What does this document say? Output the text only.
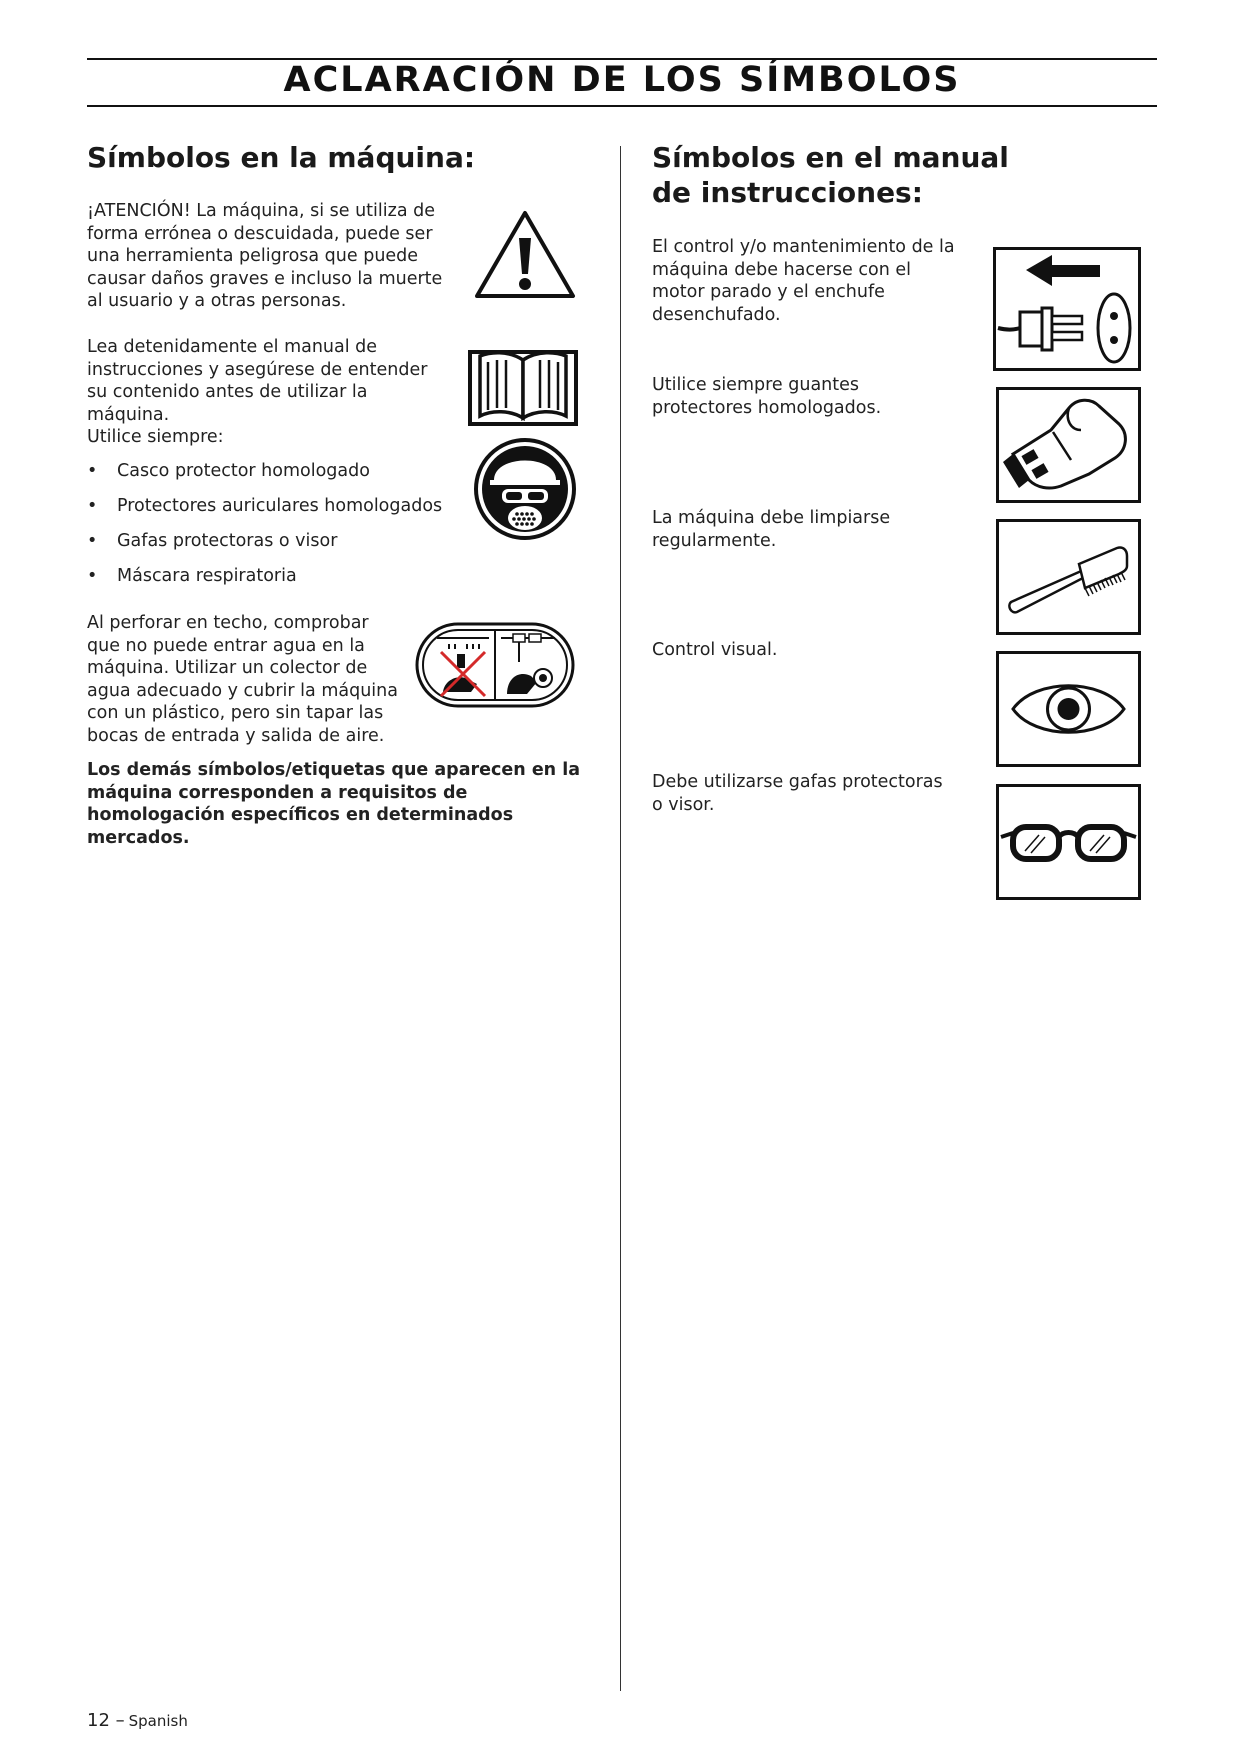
ACLARACIÓN DE LOS SÍMBOLOS
Símbolos en la máquina:

¡ATENCIÓN! La máquina, si se utiliza de forma errónea o descuidada, puede ser una herramienta peligrosa que puede causar daños graves e incluso la muerte al usuario y a otras personas.

Lea detenidamente el manual de instrucciones y asegúrese de entender su contenido antes de utilizar la máquina.

Utilice siempre:

• Casco protector homologado
• Protectores auriculares homologados
• Gafas protectoras o visor
• Máscara respiratoria

Al perforar en techo, comprobar que no puede entrar agua en la máquina. Utilizar un colector de agua adecuado y cubrir la máquina con un plástico, pero sin tapar las bocas de entrada y salida de aire.

Los demás símbolos/etiquetas que aparecen en la máquina corresponden a requisitos de homologación específicos en determinados mercados.

Símbolos en el manual de instrucciones:

El control y/o mantenimiento de la máquina debe hacerse con el motor parado y el enchufe desenchufado.

Utilice siempre guantes protectores homologados.

La máquina debe limpiarse regularmente.

Control visual.

Debe utilizarse gafas protectoras o visor.

12 – Spanish
